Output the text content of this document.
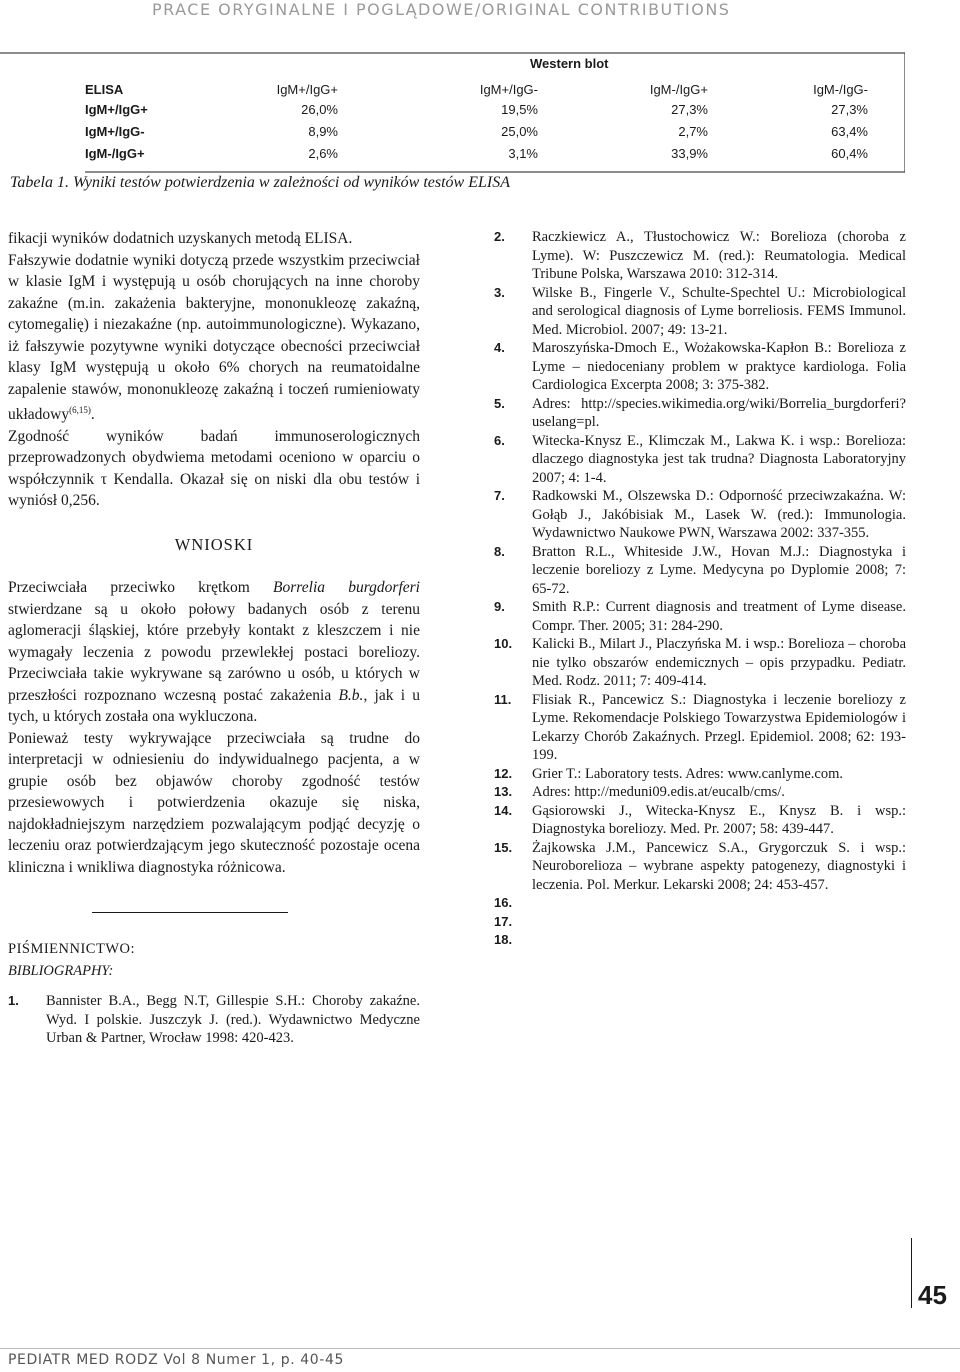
PRACE ORYGINALNE I POGLĄDOWE/ORIGINAL CONTRIBUTIONS
Western blot
ELISA	IgM+/IgG+	IgM+/IgG-	IgM-/IgG+	IgM-/IgG-
IgM+/IgG+	26,0%	19,5%	27,3%	27,3%
IgM+/IgG-	8,9%	25,0%	2,7%	63,4%
IgM-/IgG+	2,6%	3,1%	33,9%	60,4%
Tabela 1. Wyniki testów potwierdzenia w zależności od wyników testów ELISA

fikacji wyników dodatnich uzyskanych metodą ELISA.

Fałszywie dodatnie wyniki dotyczą przede wszystkim przeciwciał w klasie IgM i występują u osób chorujących na inne choroby zakaźne (m.in. zakażenia bakteryjne, mononukleozę zakaźną, cytomegalię) i niezakaźne (np. autoimmunologiczne). Wykazano, iż fałszywie pozytywne wyniki dotyczące obecności przeciwciał klasy IgM występują u około 6% chorych na reumatoidalne zapalenie stawów, mononukleozę zakaźną i toczeń rumieniowaty układowy$^{(6,15)}$.

Zgodność wyników badań immunoserologicznych przeprowadzonych obydwiema metodami oceniono w oparciu o współczynnik τ Kendalla. Okazał się on niski dla obu testów i wyniósł 0,256.

WNIOSKI

Przeciwciała przeciwko krętkom Borrelia burgdorferi stwierdzane są u około połowy badanych osób z terenu aglomeracji śląskiej, które przebyły kontakt z kleszczem i nie wymagały leczenia z powodu przewlekłej postaci boreliozy. Przeciwciała takie wykrywane są zarówno u osób, u których w przeszłości rozpoznano wczesną postać zakażenia B.b., jak i u tych, u których została ona wykluczona.

Ponieważ testy wykrywające przeciwciała są trudne do interpretacji w odniesieniu do indywidualnego pacjenta, a w grupie osób bez objawów choroby zgodność testów przesiewowych i potwierdzenia okazuje się niska, najdokładniejszym narzędziem pozwalającym podjąć decyzję o leczeniu oraz potwierdzającym jego skuteczność pozostaje ocena kliniczna i wnikliwa diagnostyka różnicowa.

PIŚMIENNICTWO:

BIBLIOGRAPHY:

1.	Bannister B.A., Begg N.T, Gillespie S.H.: Choroby zakaźne. Wyd. I polskie. Juszczyk J. (red.). Wydawnictwo Medyczne Urban & Partner, Wrocław 1998: 420-423.
2.	Raczkiewicz A., Tłustochowicz W.: Borelioza (choroba z Lyme). W: Puszczewicz M. (red.): Reumatologia. Medical Tribune Polska, Warszawa 2010: 312-314.
3.	Wilske B., Fingerle V., Schulte-Spechtel U.: Microbiological and serological diagnosis of Lyme borreliosis. FEMS Immunol. Med. Microbiol. 2007; 49: 13-21.
4.	Maroszyńska-Dmoch E., Wożakowska-Kapłon B.: Borelioza z Lyme – niedoceniany problem w praktyce kardiologa. Folia Cardiologica Excerpta 2008; 3: 375-382.
5.	Adres: http://species.wikimedia.org/wiki/Borrelia_burgdorferi?uselang=pl.
6.	Witecka-Knysz E., Klimczak M., Lakwa K. i wsp.: Borelioza: dlaczego diagnostyka jest tak trudna? Diagnosta Laboratoryjny 2007; 4: 1-4.
7.	Radkowski M., Olszewska D.: Odporność przeciwzakaźna. W: Gołąb J., Jakóbisiak M., Lasek W. (red.): Immunologia. Wydawnictwo Naukowe PWN, Warszawa 2002: 337-355.
8.	Bratton R.L., Whiteside J.W., Hovan M.J.: Diagnostyka i leczenie boreliozy z Lyme. Medycyna po Dyplomie 2008; 7: 65-72.
9.	Smith R.P.: Current diagnosis and treatment of Lyme disease. Compr. Ther. 2005; 31: 284-290.
10.	Kalicki B., Milart J., Placzyńska M. i wsp.: Borelioza – choroba nie tylko obszarów endemicznych – opis przypadku. Pediatr. Med. Rodz. 2011; 7: 409-414.
11.	Flisiak R., Pancewicz S.: Diagnostyka i leczenie boreliozy z Lyme. Rekomendacje Polskiego Towarzystwa Epidemiologów i Lekarzy Chorób Zakaźnych. Przegl. Epidemiol. 2008; 62: 193-199.
12.	Grier T.: Laboratory tests. Adres: www.canlyme.com.
13.	Adres: http://meduni09.edis.at/eucalb/cms/.
14.	Gąsiorowski J., Witecka-Knysz E., Knysz B. i wsp.: Diagnostyka boreliozy. Med. Pr. 2007; 58: 439-447.
15.	Żajkowska J.M., Pancewicz S.A., Grygorczuk S. i wsp.: Neuroborelioza – wybrane aspekty patogenezy, diagnostyki i leczenia. Pol. Merkur. Lekarski 2008; 24: 453-457.
16.
17.
18.
45
PEDIATR MED RODZ Vol 8 Numer 1, p. 40-45
